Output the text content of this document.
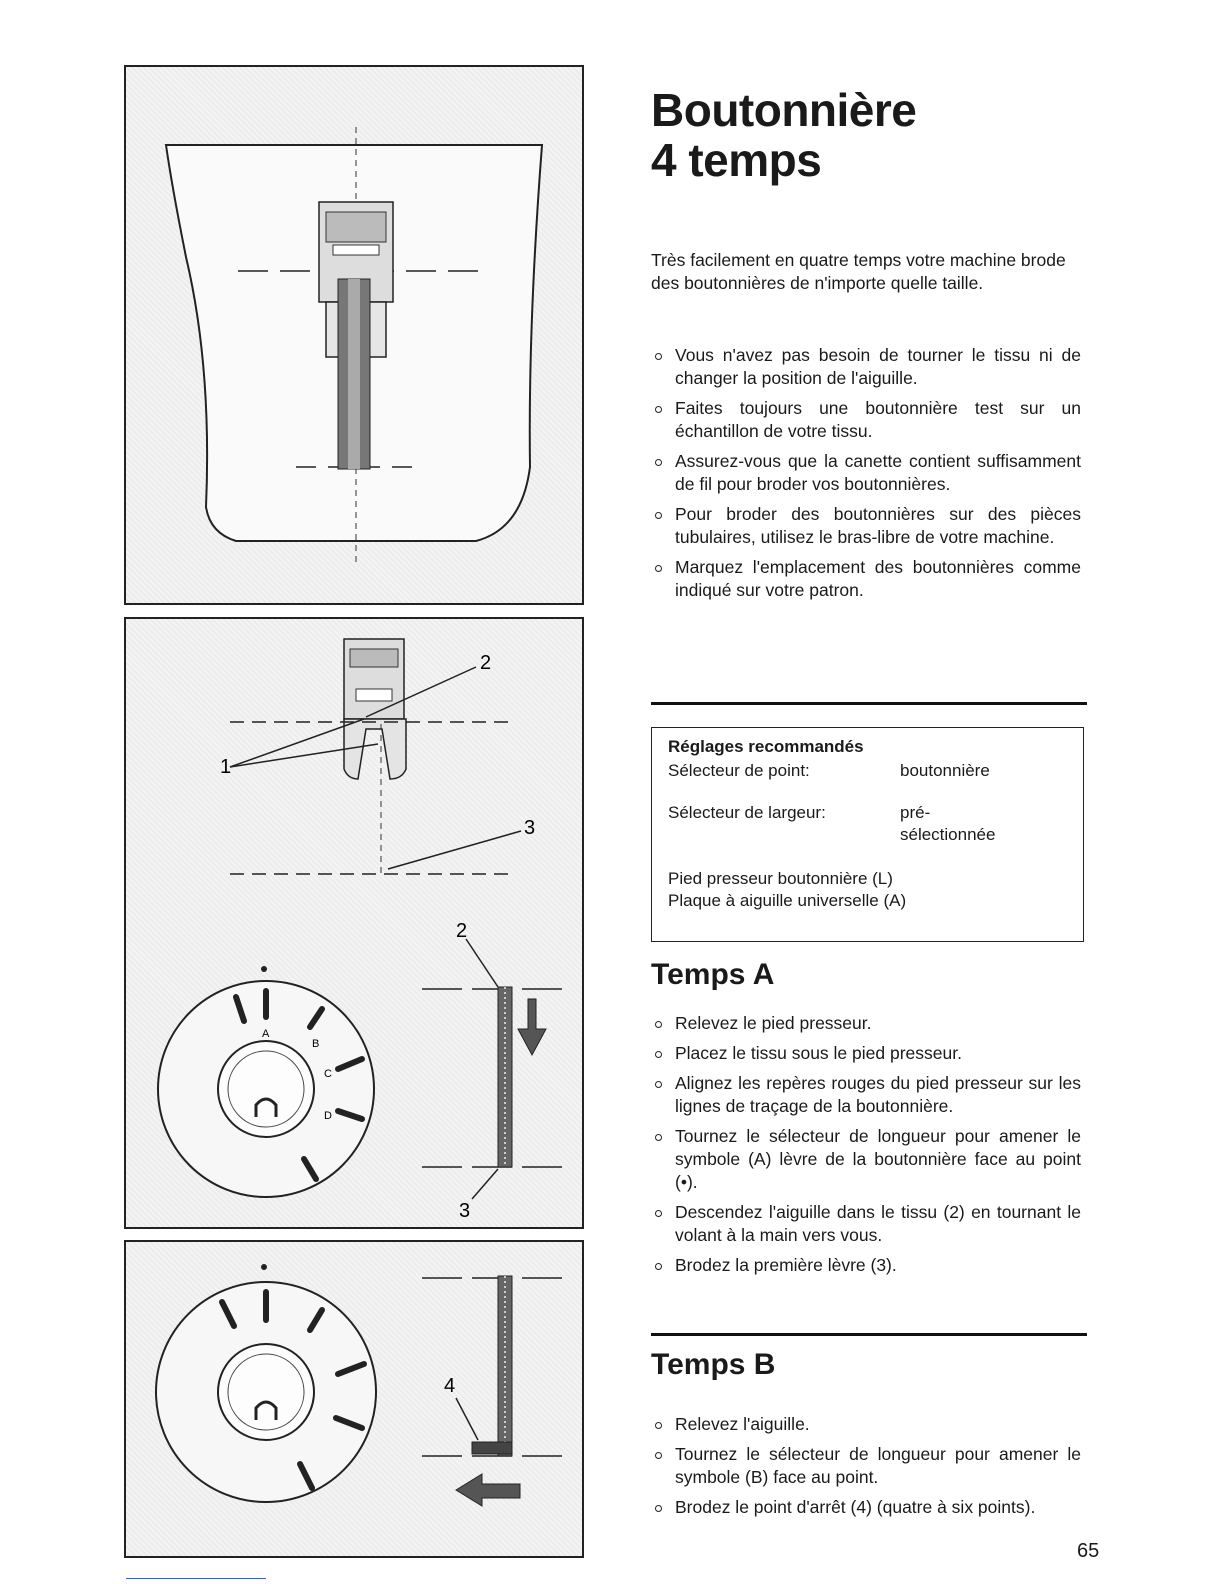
1
2
3
A
B
C
D
2
3
4
Boutonnière
4 temps

Très facilement en quatre temps votre machine brode des boutonnières de n'importe quelle taille.

Vous n'avez pas besoin de tourner le tissu ni de changer la position de l'aiguille.
Faites toujours une boutonnière test sur un échantillon de votre tissu.
Assurez-vous que la canette contient suffisamment de fil pour broder vos boutonnières.
Pour broder des boutonnières sur des pièces tubulaires, utilisez le bras-libre de votre machine.
Marquez l'emplacement des boutonnières comme indiqué sur votre patron.

Réglages recommandés

Sélecteur de point:	boutonnière
Sélecteur de largeur:	pré-
sélectionnée
Pied presseur boutonnière (L)
Plaque à aiguille universelle (A)
Temps A
Relevez le pied presseur.
Placez le tissu sous le pied presseur.
Alignez les repères rouges du pied presseur sur les lignes de traçage de la boutonnière.
Tournez le sélecteur de longueur pour amener le symbole (A) lèvre de la boutonnière face au point (•).
Descendez l'aiguille dans le tissu (2) en tournant le volant à la main vers vous.
Brodez la première lèvre (3).
Temps B
Relevez l'aiguille.
Tournez le sélecteur de longueur pour amener le symbole (B) face au point.
Brodez le point d'arrêt (4) (quatre à six points).
65
